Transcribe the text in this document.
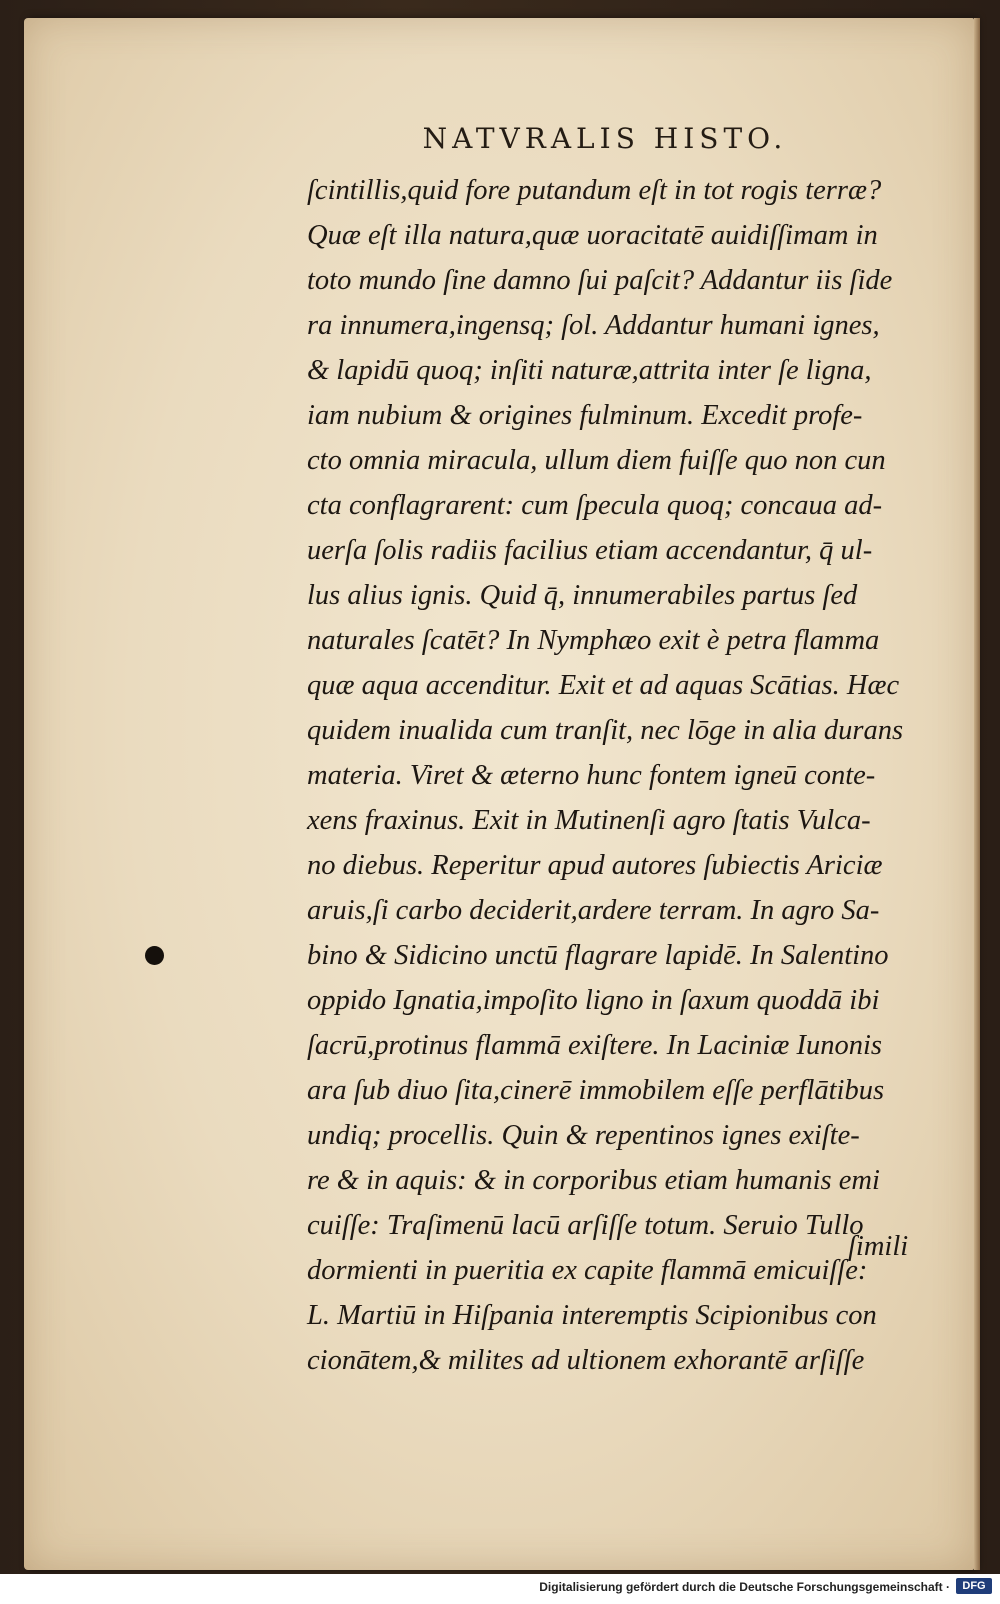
NATVRALIS HISTO.
ſcintillis,quid fore putandum eſt in tot rogis terræ?
Quæ eſt illa natura,quæ uoracitatē auidiſſimam in
toto mundo ſine damno ſui paſcit? Addantur iis ſide
ra innumera,ingensq; ſol. Addantur humani ignes,
& lapidū quoq; inſiti naturæ,attrita inter ſe ligna,
iam nubium & origines fulminum. Excedit profe-
cto omnia miracula, ullum diem fuiſſe quo non cun
cta conflagrarent: cum ſpecula quoq; concaua ad-
uerſa ſolis radiis facilius etiam accendantur, q̄ ul-
lus alius ignis. Quid q̄, innumerabiles partus ſed
naturales ſcatēt? In Nymphæo exit è petra flamma
quæ aqua accenditur. Exit et ad aquas Scātias. Hæc
quidem inualida cum tranſit, nec lōge in alia durans
materia. Viret & æterno hunc fontem igneū conte-
xens fraxinus. Exit in Mutinenſi agro ſtatis Vulca-
no diebus. Reperitur apud autores ſubiectis Ariciæ
aruis,ſi carbo deciderit,ardere terram. In agro Sa-
bino & Sidicino unctū flagrare lapidē. In Salentino
oppido Ignatia,impoſito ligno in ſaxum quoddā ibi
ſacrū,protinus flammā exiſtere. In Laciniæ Iunonis
ara ſub diuo ſita,cinerē immobilem eſſe perflātibus
undiq; procellis. Quin & repentinos ignes exiſte-
re & in aquis: & in corporibus etiam humanis emi
cuiſſe: Traſimenū lacū arſiſſe totum. Seruio Tullo
dormienti in pueritia ex capite flammā emicuiſſe:
L. Martiū in Hiſpania interemptis Scipionibus con
cionātem,& milites ad ultionem exhorantē arſiſſe
ſimili
Digitalisierung gefördert durch die Deutsche Forschungsgemeinschaft ·	DFG
